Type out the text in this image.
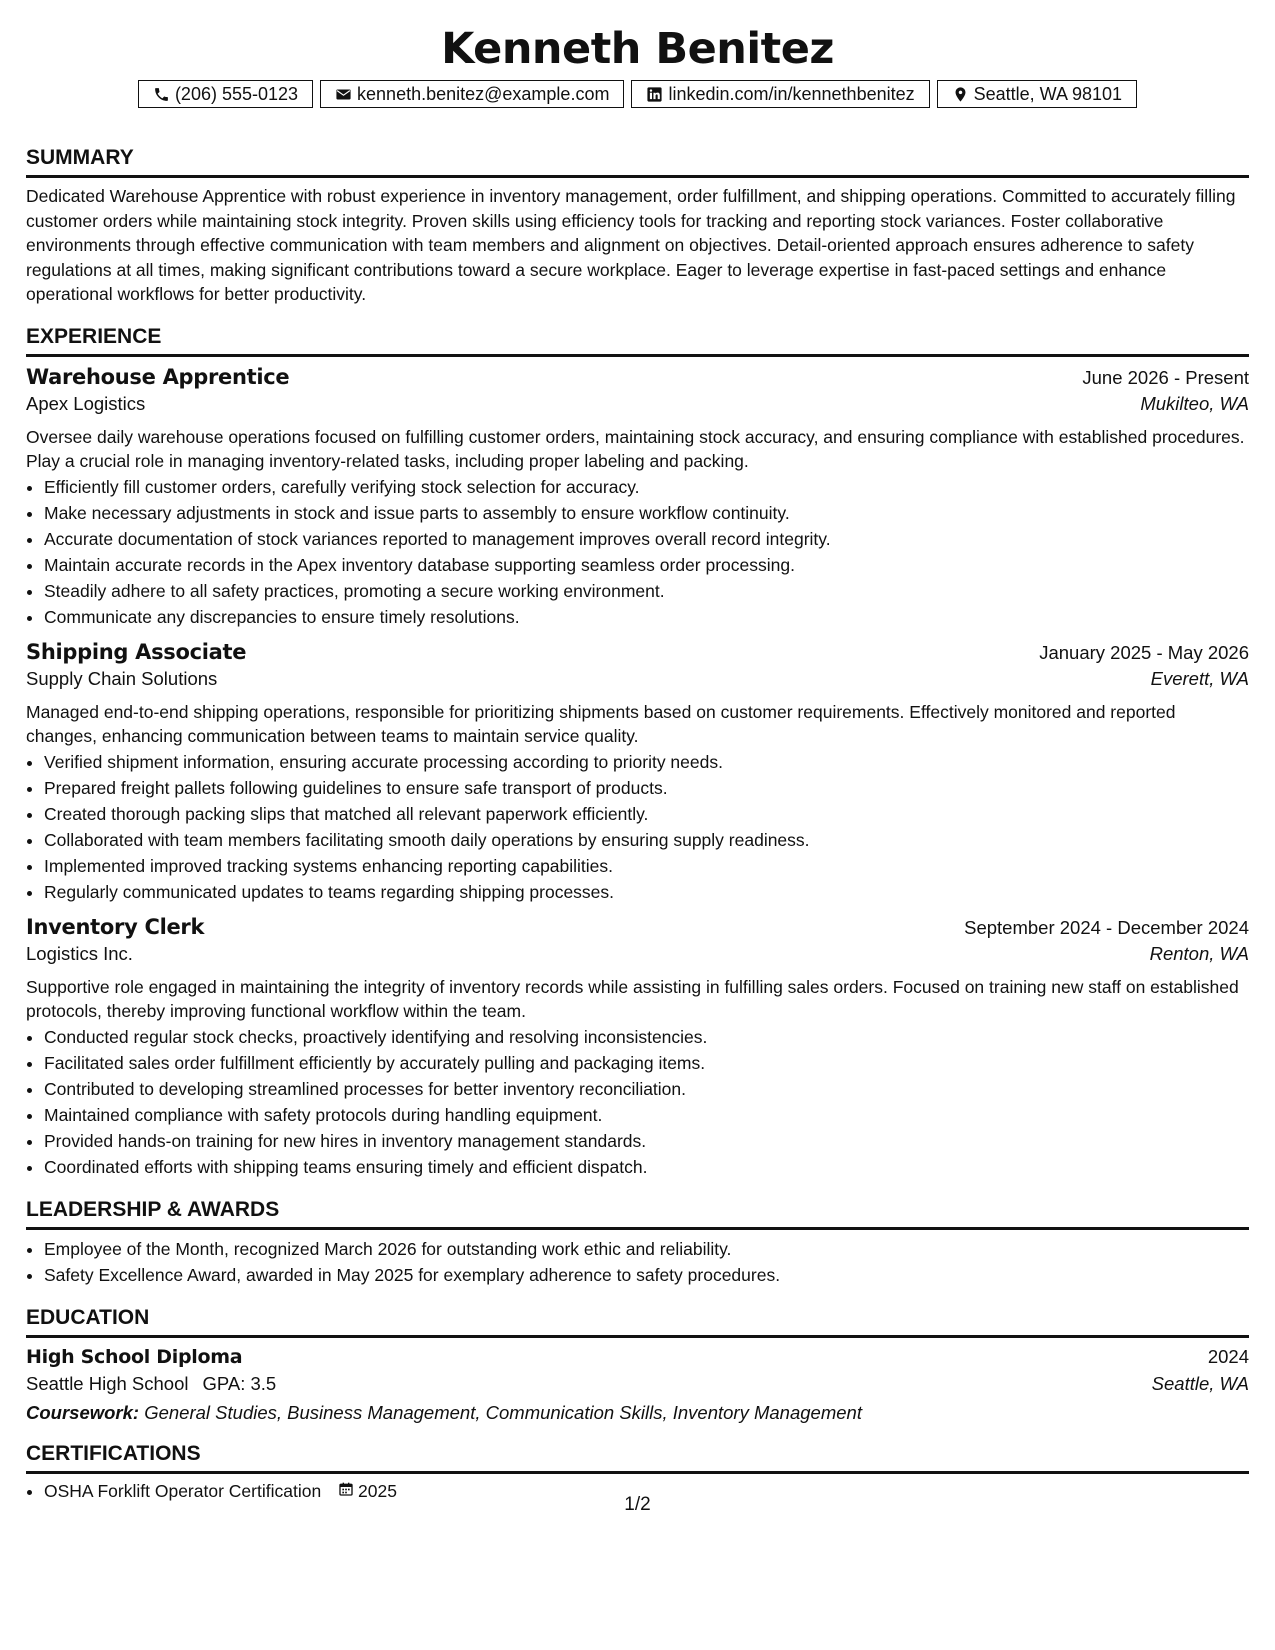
Kenneth Benitez
(206) 555-0123	kenneth.benitez@example.com	linkedin.com/in/kennethbenitez	Seattle, WA 98101
SUMMARY

Dedicated Warehouse Apprentice with robust experience in inventory management, order fulfillment, and shipping operations. Committed to accurately filling customer orders while maintaining stock integrity. Proven skills using efficiency tools for tracking and reporting stock variances. Foster collaborative environments through effective communication with team members and alignment on objectives. Detail-oriented approach ensures adherence to safety regulations at all times, making significant contributions toward a secure workplace. Eager to leverage expertise in fast-paced settings and enhance operational workflows for better productivity.

EXPERIENCE
Warehouse Apprentice	June 2026 - Present
Apex Logistics	Mukilteo, WA

Oversee daily warehouse operations focused on fulfilling customer orders, maintaining stock accuracy, and ensuring compliance with established procedures. Play a crucial role in managing inventory-related tasks, including proper labeling and packing.

• Efficiently fill customer orders, carefully verifying stock selection for accuracy.
• Make necessary adjustments in stock and issue parts to assembly to ensure workflow continuity.
• Accurate documentation of stock variances reported to management improves overall record integrity.
• Maintain accurate records in the Apex inventory database supporting seamless order processing.
• Steadily adhere to all safety practices, promoting a secure working environment.
• Communicate any discrepancies to ensure timely resolutions.
Shipping Associate	January 2025 - May 2026
Supply Chain Solutions	Everett, WA

Managed end-to-end shipping operations, responsible for prioritizing shipments based on customer requirements. Effectively monitored and reported changes, enhancing communication between teams to maintain service quality.

• Verified shipment information, ensuring accurate processing according to priority needs.
• Prepared freight pallets following guidelines to ensure safe transport of products.
• Created thorough packing slips that matched all relevant paperwork efficiently.
• Collaborated with team members facilitating smooth daily operations by ensuring supply readiness.
• Implemented improved tracking systems enhancing reporting capabilities.
• Regularly communicated updates to teams regarding shipping processes.
Inventory Clerk	September 2024 - December 2024
Logistics Inc.	Renton, WA

Supportive role engaged in maintaining the integrity of inventory records while assisting in fulfilling sales orders. Focused on training new staff on established protocols, thereby improving functional workflow within the team.

• Conducted regular stock checks, proactively identifying and resolving inconsistencies.
• Facilitated sales order fulfillment efficiently by accurately pulling and packaging items.
• Contributed to developing streamlined processes for better inventory reconciliation.
• Maintained compliance with safety protocols during handling equipment.
• Provided hands-on training for new hires in inventory management standards.
• Coordinated efforts with shipping teams ensuring timely and efficient dispatch.
LEADERSHIP & AWARDS
• Employee of the Month, recognized March 2026 for outstanding work ethic and reliability.
• Safety Excellence Award, awarded in May 2025 for exemplary adherence to safety procedures.
EDUCATION
High School Diploma	2024
Seattle High School GPA: 3.5	Seattle, WA
Coursework: General Studies, Business Management, Communication Skills, Inventory Management
CERTIFICATIONS
• OSHA Forklift Operator Certification 2025
1/2
